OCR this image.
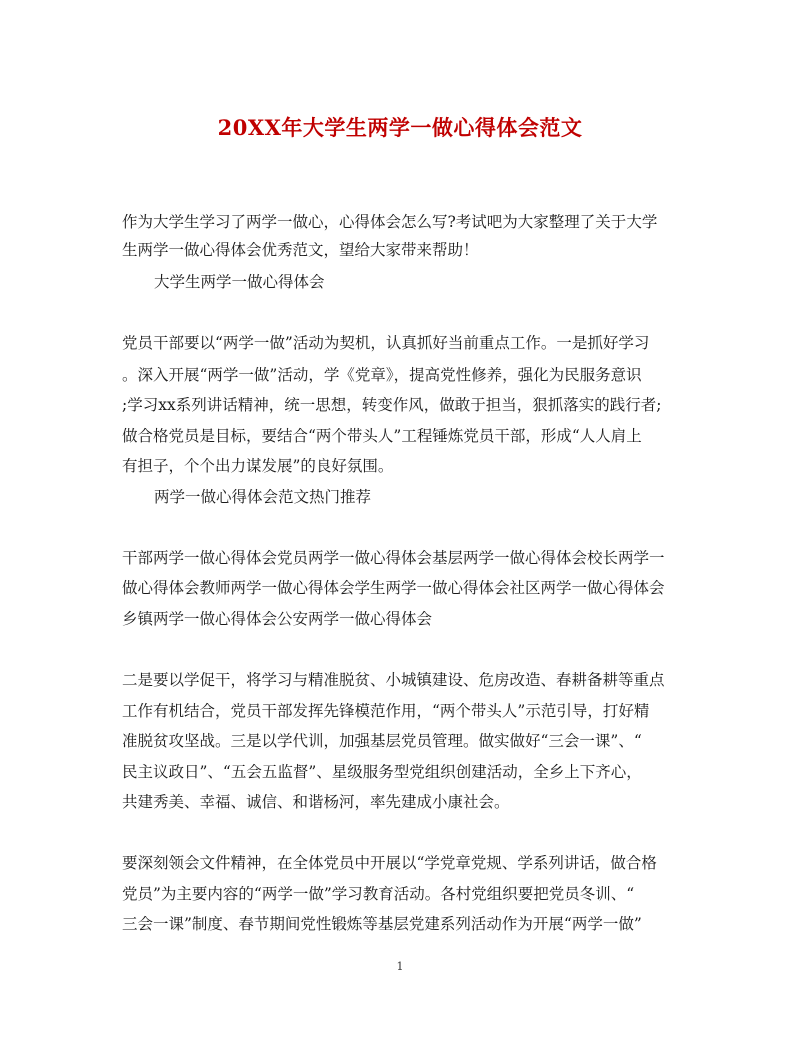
20XX年大学生两学一做心得体会范文
作为大学生学习了两学一做心，心得体会怎么写?考试吧为大家整理了关于大学
生两学一做心得体会优秀范文，望给大家带来帮助！
大学生两学一做心得体会
党员干部要以“两学一做”活动为契机，认真抓好当前重点工作。一是抓好学习
。深入开展“两学一做”活动，学《党章》，提高党性修养，强化为民服务意识
;学习xx系列讲话精神，统一思想，转变作风，做敢于担当，狠抓落实的践行者;
做合格党员是目标，要结合“两个带头人”工程锤炼党员干部，形成“人人肩上
有担子，个个出力谋发展”的良好氛围。
两学一做心得体会范文热门推荐
干部两学一做心得体会党员两学一做心得体会基层两学一做心得体会校长两学一
做心得体会教师两学一做心得体会学生两学一做心得体会社区两学一做心得体会
乡镇两学一做心得体会公安两学一做心得体会
二是要以学促干，将学习与精准脱贫、小城镇建设、危房改造、春耕备耕等重点
工作有机结合，党员干部发挥先锋模范作用，“两个带头人”示范引导，打好精
准脱贫攻坚战。三是以学代训，加强基层党员管理。做实做好“三会一课”、“
民主议政日”、“五会五监督”、星级服务型党组织创建活动，全乡上下齐心，
共建秀美、幸福、诚信、和谐杨河，率先建成小康社会。
要深刻领会文件精神，在全体党员中开展以“学党章党规、学系列讲话，做合格
党员”为主要内容的“两学一做”学习教育活动。各村党组织要把党员冬训、“
三会一课”制度、春节期间党性锻炼等基层党建系列活动作为开展“两学一做”
1
